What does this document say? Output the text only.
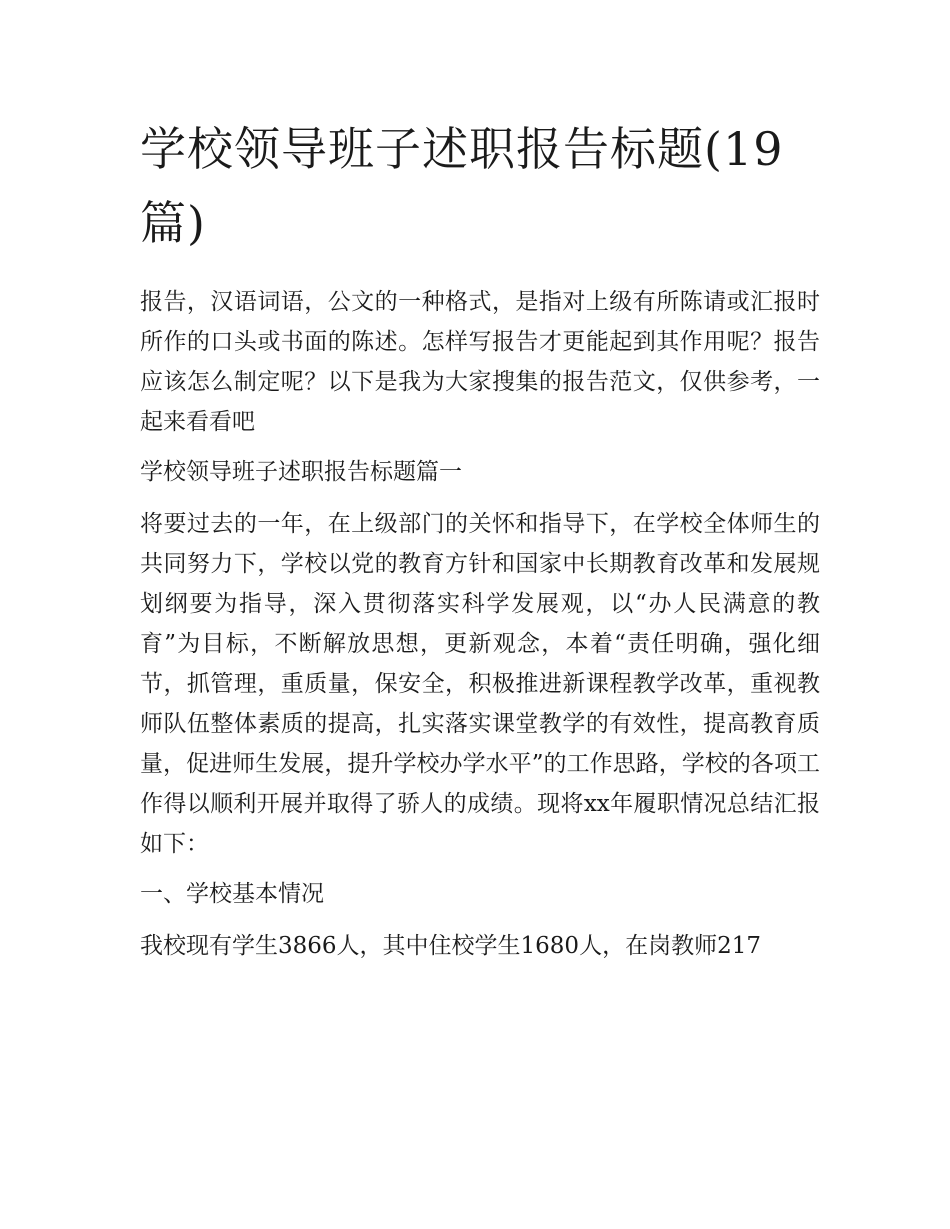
学校领导班子述职报告标题(19篇)

报告，汉语词语，公文的一种格式，是指对上级有所陈请或汇报时所作的口头或书面的陈述。怎样写报告才更能起到其作用呢？报告应该怎么制定呢？以下是我为大家搜集的报告范文，仅供参考，一起来看看吧

学校领导班子述职报告标题篇一

将要过去的一年，在上级部门的关怀和指导下，在学校全体师生的共同努力下，学校以党的教育方针和国家中长期教育改革和发展规划纲要为指导，深入贯彻落实科学发展观，以“办人民满意的教育”为目标，不断解放思想，更新观念，本着“责任明确，强化细节，抓管理，重质量，保安全，积极推进新课程教学改革，重视教师队伍整体素质的提高，扎实落实课堂教学的有效性，提高教育质量，促进师生发展，提升学校办学水平”的工作思路，学校的各项工作得以顺利开展并取得了骄人的成绩。现将xx年履职情况总结汇报如下：

一、学校基本情况

我校现有学生3866人，其中住校学生1680人，在岗教师217
